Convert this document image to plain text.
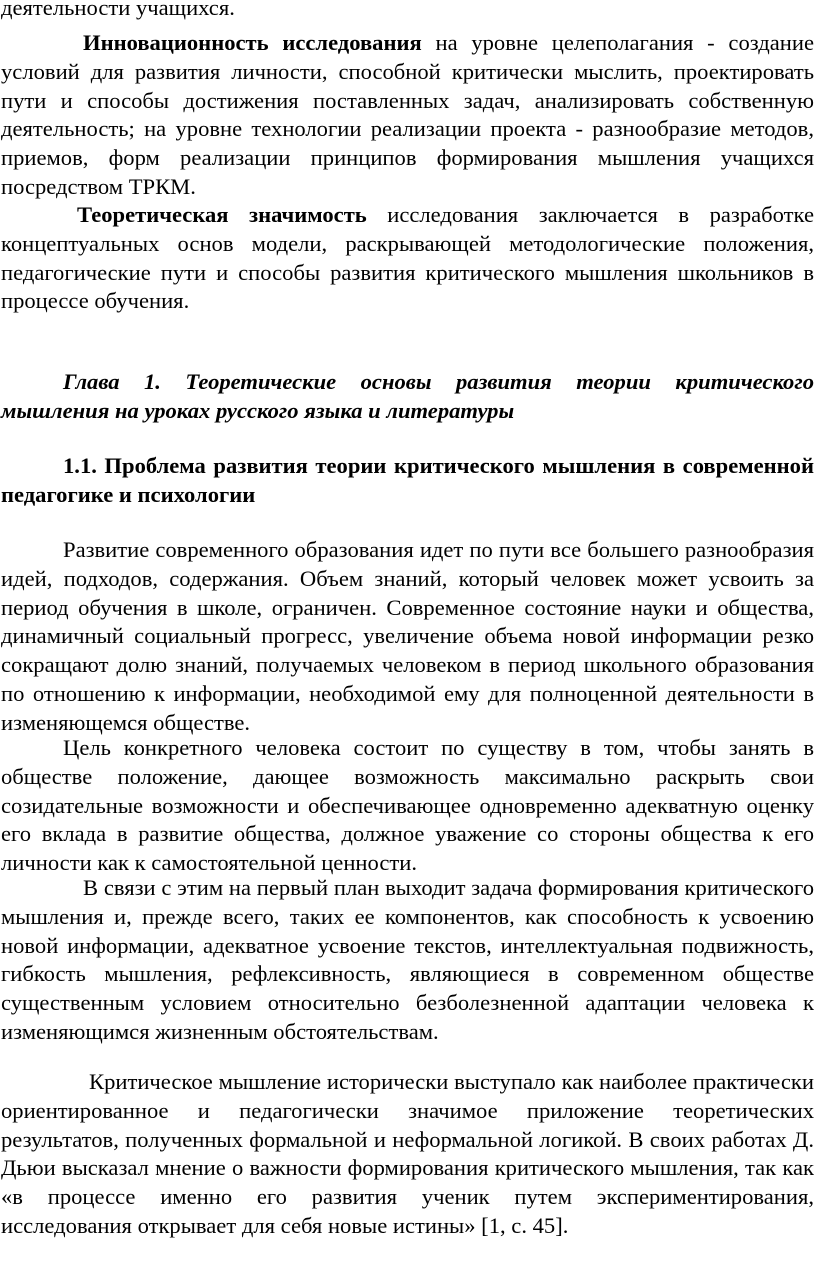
деятельности учащихся.

Инновационность исследования на уровне целеполагания - создание условий для развития личности, способной критически мыслить, проектировать пути и способы достижения поставленных задач, анализировать собственную деятельность; на уровне технологии реализации проекта - разнообразие методов, приемов, форм реализации принципов формирования мышления учащихся посредством ТРКМ.

Теоретическая значимость исследования заключается в разработке концептуальных основ модели, раскрывающей методологические положения, педагогические пути и способы развития критического мышления школьников в процессе обучения.

Глава 1. Теоретические основы развития теории критического мышления на уроках русского языка и литературы

1.1. Проблема развития теории критического мышления в современной педагогике и психологии

Развитие современного образования идет по пути все большего разнообразия идей, подходов, содержания. Объем знаний, который человек может усвоить за период обучения в школе, ограничен. Современное состояние науки и общества, динамичный социальный прогресс, увеличение объема новой информации резко сокращают долю знаний, получаемых человеком в период школьного образования по отношению к информации, необходимой ему для полноценной деятельности в изменяющемся обществе.

Цель конкретного человека состоит по существу в том, чтобы занять в обществе положение, дающее возможность максимально раскрыть свои созидательные возможности и обеспечивающее одновременно адекватную оценку его вклада в развитие общества, должное уважение со стороны общества к его личности как к самостоятельной ценности.

В связи с этим на первый план выходит задача формирования критического мышления и, прежде всего, таких ее компонентов, как способность к усвоению новой информации, адекватное усвоение текстов, интеллектуальная подвижность, гибкость мышления, рефлексивность, являющиеся в современном обществе существенным условием относительно безболезненной адаптации человека к изменяющимся жизненным обстоятельствам.

Критическое мышление исторически выступало как наиболее практически ориентированное и педагогически значимое приложение теоретических результатов, полученных формальной и неформальной логикой. В своих работах Д. Дьюи высказал мнение о важности формирования критического мышления, так как «в процессе именно его развития ученик путем экспериментирования, исследования открывает для себя новые истины» [1, с. 45].
